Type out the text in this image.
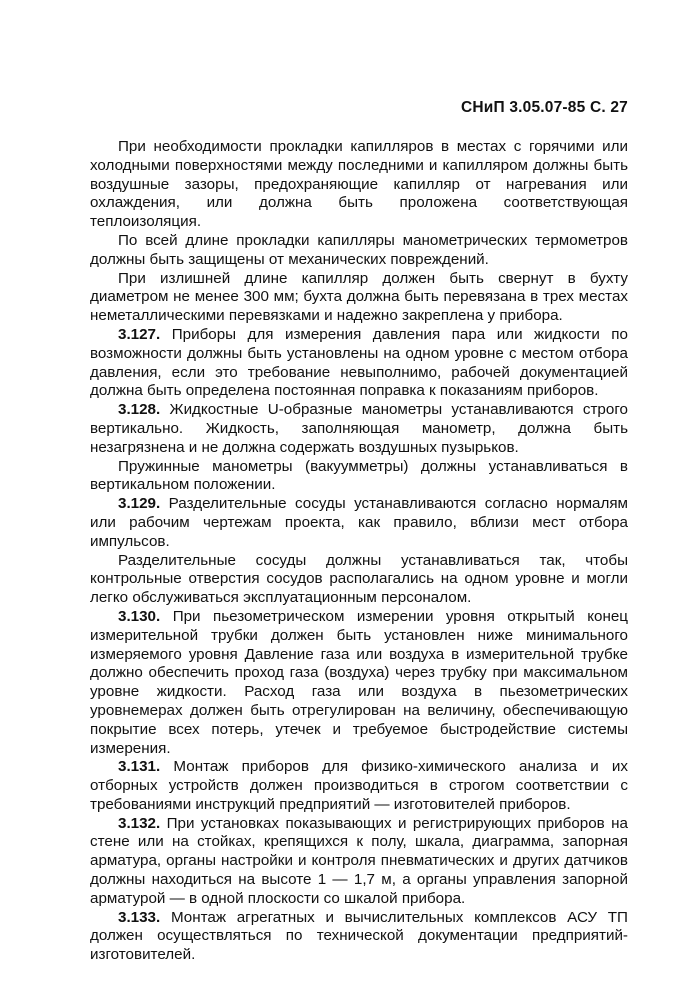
СНиП 3.05.07-85 С. 27

При необходимости прокладки капилляров в местах с горячими или холодными поверхностями между последними и капилляром должны быть воздушные зазоры, предохраняющие капилляр от нагревания или охлаждения, или должна быть проложена соответствующая теплоизоляция.

По всей длине прокладки капилляры манометрических термометров должны быть защищены от механических повреждений.

При излишней длине капилляр должен быть свернут в бухту диаметром не менее 300 мм; бухта должна быть перевязана в трех местах неметаллическими перевязками и надежно закреплена у прибора.

3.127. Приборы для измерения давления пара или жидкости по возможности должны быть установлены на одном уровне с местом отбора давления, если это требование невыполнимо, рабочей документацией должна быть определена постоянная поправка к показаниям приборов.

3.128. Жидкостные U-образные манометры устанавливаются строго вертикально. Жидкость, заполняющая манометр, должна быть незагрязнена и не должна содержать воздушных пузырьков.

Пружинные манометры (вакуумметры) должны устанавливаться в вертикальном положении.

3.129. Разделительные сосуды устанавливаются согласно нормалям или рабочим чертежам проекта, как правило, вблизи мест отбора импульсов.

Разделительные сосуды должны устанавливаться так, чтобы контрольные отверстия сосудов располагались на одном уровне и могли легко обслуживаться эксплуатационным персоналом.

3.130. При пьезометрическом измерении уровня открытый конец измерительной трубки должен быть установлен ниже минимального измеряемого уровня Давление газа или воздуха в измерительной трубке должно обеспечить проход газа (воздуха) через трубку при максимальном уровне жидкости. Расход газа или воздуха в пьезометрических уровнемерах должен быть отрегулирован на величину, обеспечивающую покрытие всех потерь, утечек и требуемое быстродействие системы измерения.

3.131. Монтаж приборов для физико-химического анализа и их отборных устройств должен производиться в строгом соответствии с требованиями инструкций предприятий — изготовителей приборов.

3.132. При установках показывающих и регистрирующих приборов на стене или на стойках, крепящихся к полу, шкала, диаграмма, запорная арматура, органы настройки и контроля пневматических и других датчиков должны находиться на высоте 1 — 1,7 м, а органы управления запорной арматурой — в одной плоскости со шкалой прибора.

3.133. Монтаж агрегатных и вычислительных комплексов АСУ ТП должен осуществляться по технической документации предприятий-изготовителей.
